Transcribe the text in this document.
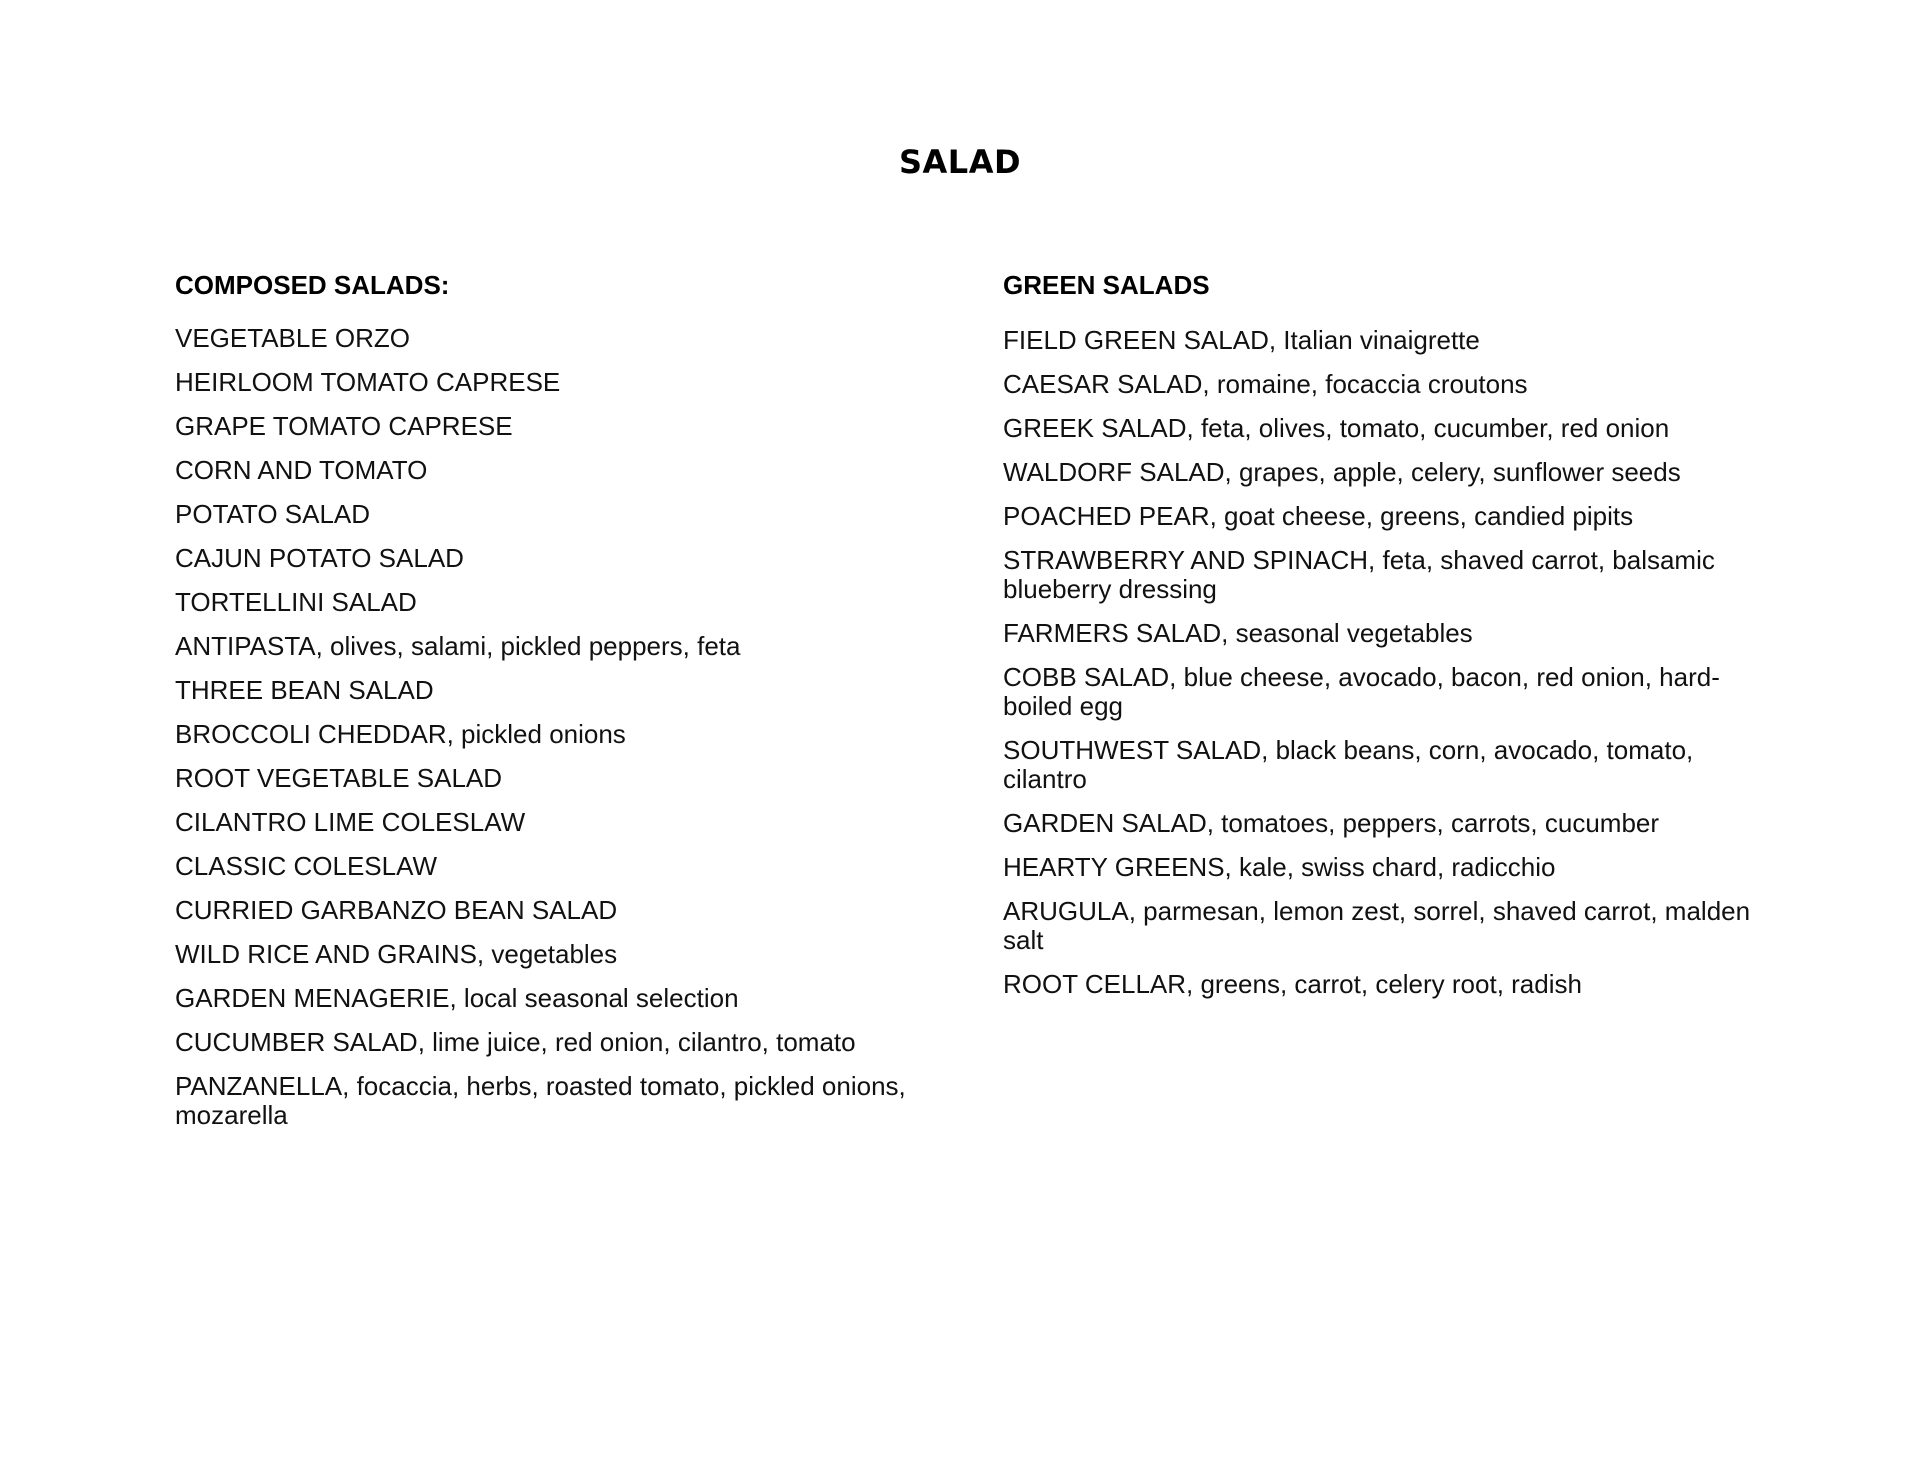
SALAD
COMPOSED SALADS:
VEGETABLE ORZO
HEIRLOOM TOMATO CAPRESE
GRAPE TOMATO CAPRESE
CORN AND TOMATO
POTATO SALAD
CAJUN POTATO SALAD
TORTELLINI SALAD
ANTIPASTA, olives, salami, pickled peppers, feta
THREE BEAN SALAD
BROCCOLI CHEDDAR, pickled onions
ROOT VEGETABLE SALAD
CILANTRO LIME COLESLAW
CLASSIC COLESLAW
CURRIED GARBANZO BEAN SALAD
WILD RICE AND GRAINS, vegetables
GARDEN MENAGERIE, local seasonal selection
CUCUMBER SALAD, lime juice, red onion, cilantro, tomato
PANZANELLA, focaccia, herbs, roasted tomato, pickled onions, mozarella
GREEN SALADS
FIELD GREEN SALAD, Italian vinaigrette
CAESAR SALAD, romaine, focaccia croutons
GREEK SALAD, feta, olives, tomato, cucumber, red onion
WALDORF SALAD, grapes, apple, celery, sunflower seeds
POACHED PEAR, goat cheese, greens, candied pipits
STRAWBERRY AND SPINACH, feta, shaved carrot, balsamic blueberry dressing
FARMERS SALAD, seasonal vegetables
COBB SALAD, blue cheese, avocado, bacon, red onion, hard-boiled egg
SOUTHWEST SALAD, black beans, corn, avocado, tomato, cilantro
GARDEN SALAD, tomatoes, peppers, carrots, cucumber
HEARTY GREENS, kale, swiss chard, radicchio
ARUGULA, parmesan, lemon zest, sorrel, shaved carrot, malden salt
ROOT CELLAR, greens, carrot, celery root, radish
